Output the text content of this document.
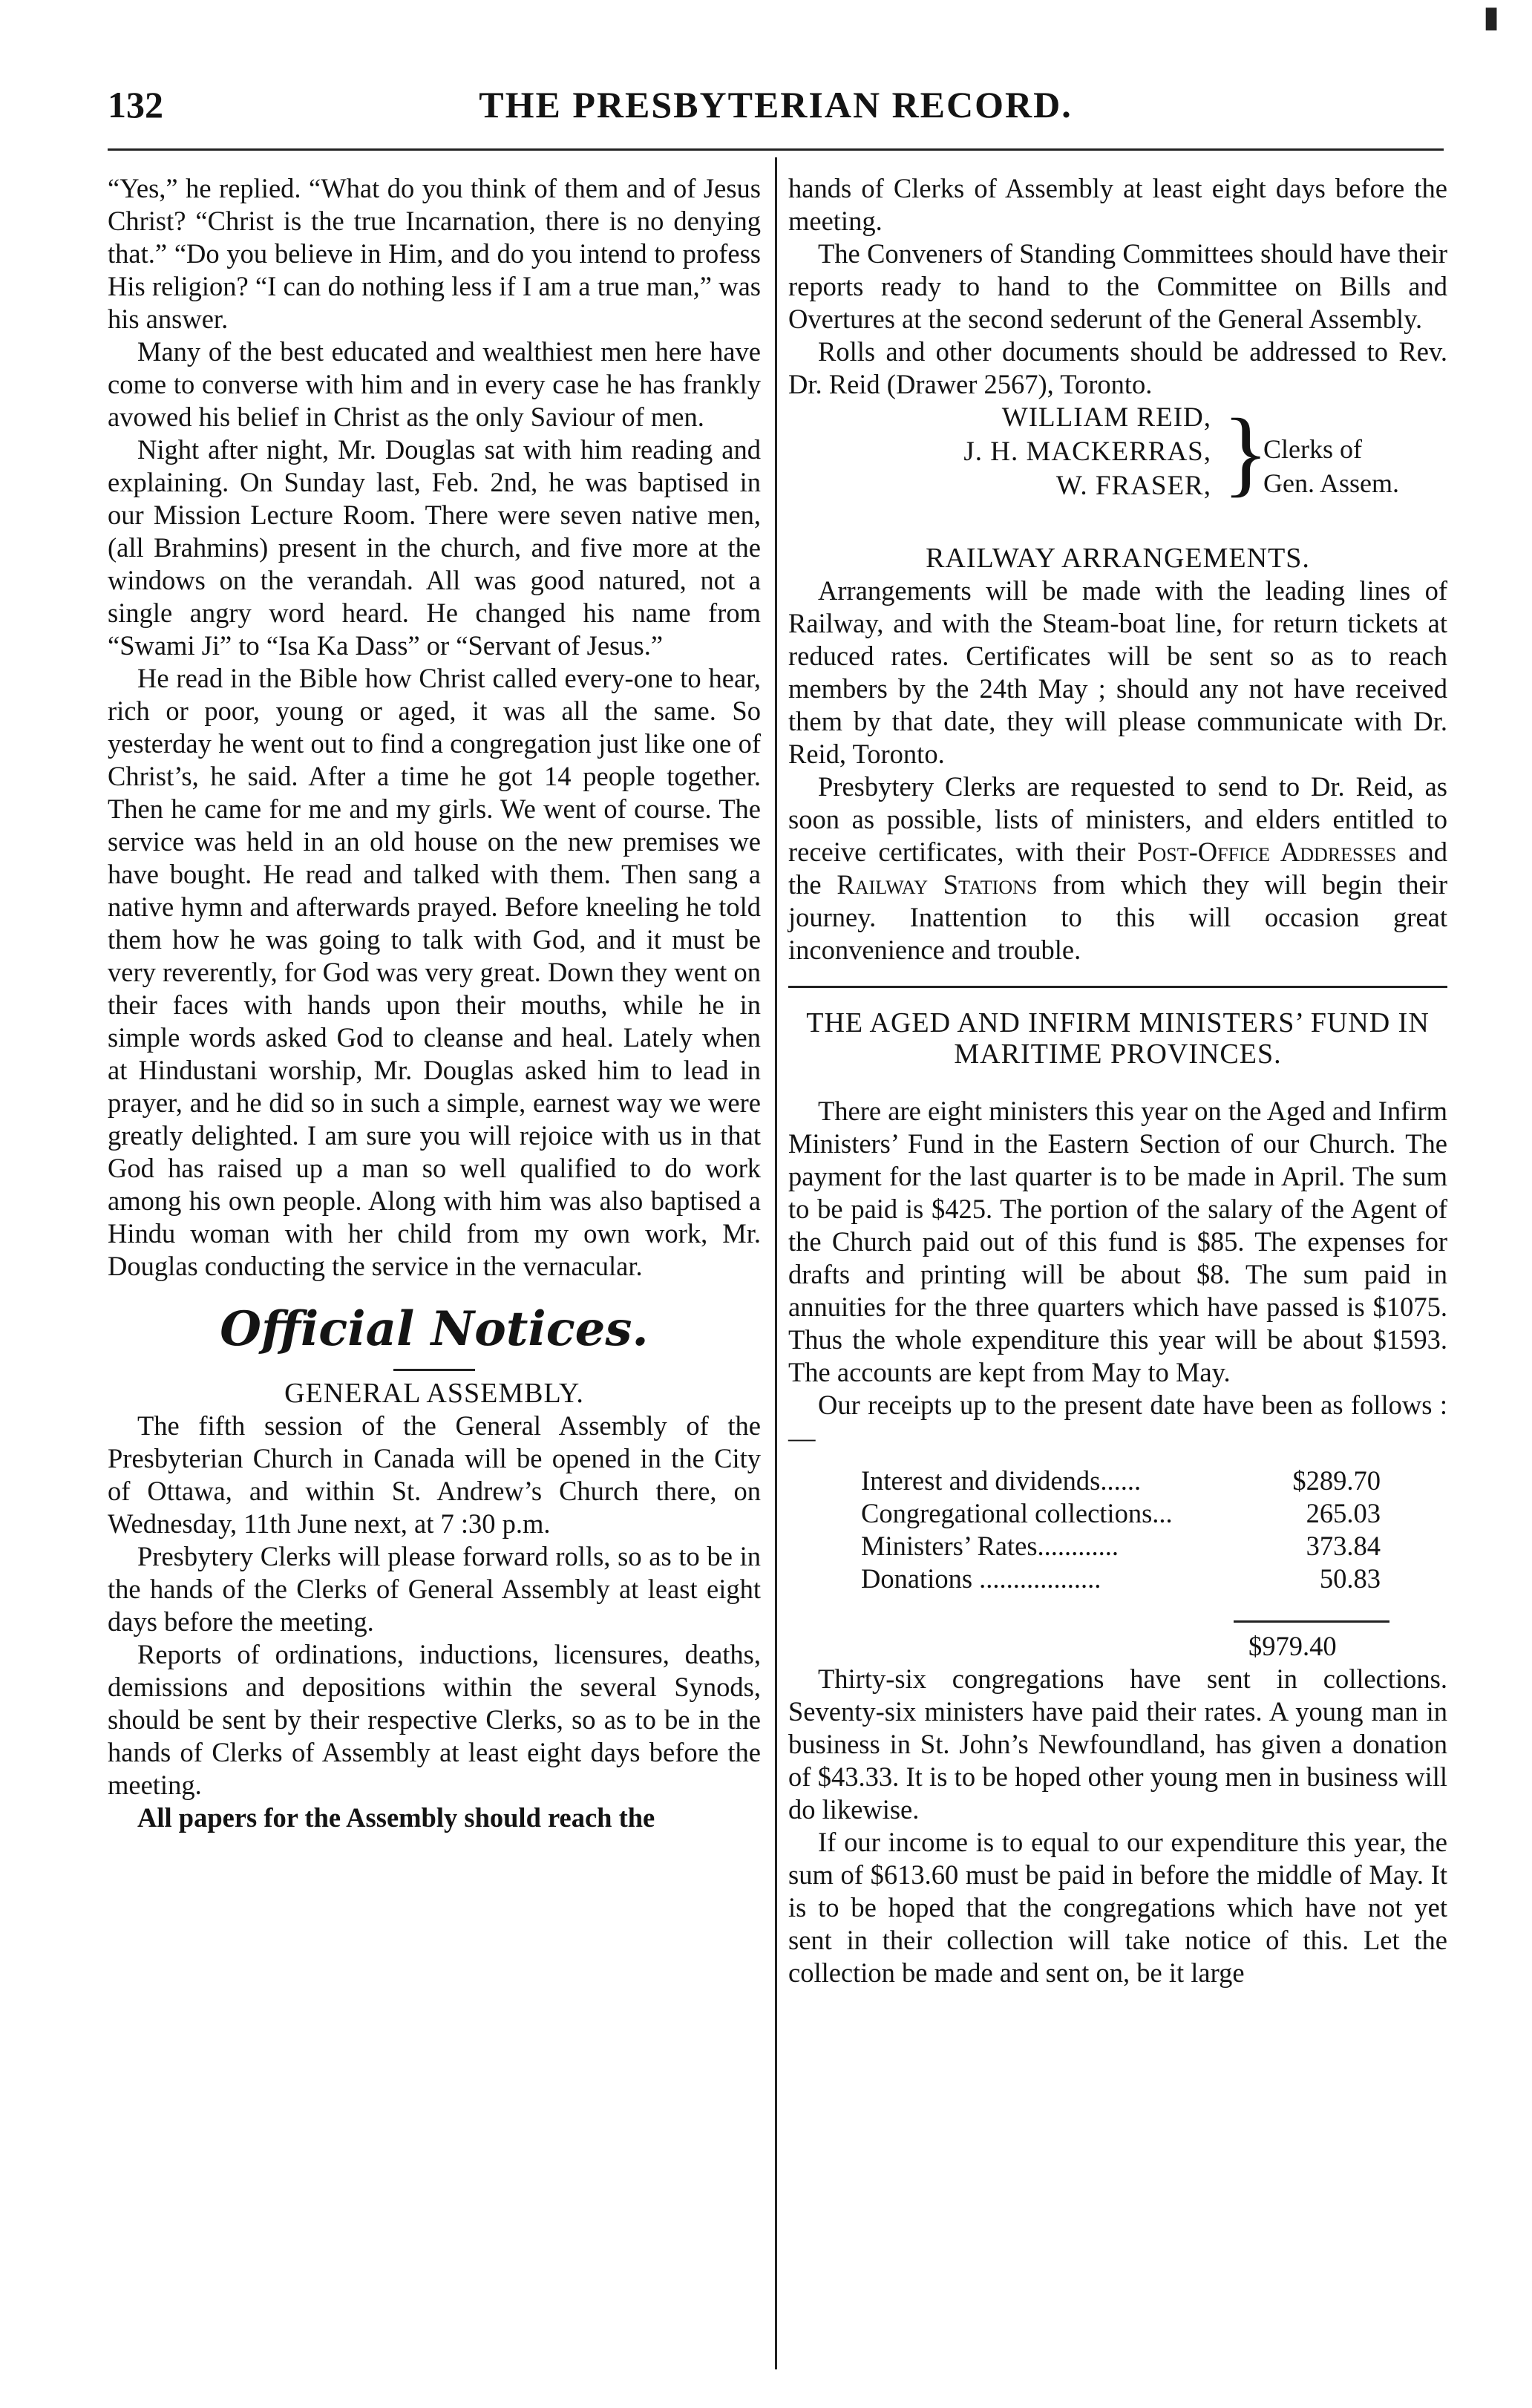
▮
132	THE PRESBYTERIAN RECORD.

“Yes,” he replied. “What do you think of them and of Jesus Christ? “Christ is the true Incarnation, there is no denying that.” “Do you believe in Him, and do you intend to profess His religion? “I can do nothing less if I am a true man,” was his answer.

Many of the best educated and wealthiest men here have come to converse with him and in every case he has frankly avowed his belief in Christ as the only Saviour of men.

Night after night, Mr. Douglas sat with him reading and explaining. On Sunday last, Feb. 2nd, he was baptised in our Mission Lecture Room. There were seven native men, (all Brahmins) present in the church, and five more at the windows on the verandah. All was good natured, not a single angry word heard. He changed his name from “Swami Ji” to “Isa Ka Dass” or “Servant of Jesus.”

He read in the Bible how Christ called every-one to hear, rich or poor, young or aged, it was all the same. So yesterday he went out to find a congregation just like one of Christ’s, he said. After a time he got 14 people together. Then he came for me and my girls. We went of course. The service was held in an old house on the new premises we have bought. He read and talked with them. Then sang a native hymn and afterwards prayed. Before kneeling he told them how he was going to talk with God, and it must be very reverently, for God was very great. Down they went on their faces with hands upon their mouths, while he in simple words asked God to cleanse and heal. Lately when at Hindustani worship, Mr. Douglas asked him to lead in prayer, and he did so in such a simple, earnest way we were greatly delighted. I am sure you will rejoice with us in that God has raised up a man so well qualified to do work among his own people. Along with him was also baptised a Hindu woman with her child from my own work, Mr. Douglas conducting the service in the vernacular.

Official Notices.

GENERAL ASSEMBLY.

The fifth session of the General Assembly of the Presbyterian Church in Canada will be opened in the City of Ottawa, and within St. Andrew’s Church there, on Wednesday, 11th June next, at 7 :30 p.m.

Presbytery Clerks will please forward rolls, so as to be in the hands of the Clerks of General Assembly at least eight days before the meeting.

Reports of ordinations, inductions, licensures, deaths, demissions and depositions within the several Synods, should be sent by their respective Clerks, so as to be in the hands of Clerks of Assembly at least eight days before the meeting.

All papers for the Assembly should reach the

hands of Clerks of Assembly at least eight days before the meeting.

The Conveners of Standing Committees should have their reports ready to hand to the Committee on Bills and Overtures at the second sederunt of the General Assembly.

Rolls and other documents should be addressed to Rev. Dr. Reid (Drawer 2567), Toronto.

WILLIAM REID,
J. H. MACKERRAS,
W. FRASER, }
Clerks of
Gen. Assem.

RAILWAY ARRANGEMENTS.

Arrangements will be made with the leading lines of Railway, and with the Steam-boat line, for return tickets at reduced rates. Certificates will be sent so as to reach members by the 24th May ; should any not have received them by that date, they will please communicate with Dr. Reid, Toronto.

Presbytery Clerks are requested to send to Dr. Reid, as soon as possible, lists of ministers, and elders entitled to receive certificates, with their Post-Office Addresses and the Railway Stations from which they will begin their journey. Inattention to this will occasion great inconvenience and trouble.

THE AGED AND INFIRM MINISTERS’ FUND IN MARITIME PROVINCES.

There are eight ministers this year on the Aged and Infirm Ministers’ Fund in the Eastern Section of our Church. The payment for the last quarter is to be made in April. The sum to be paid is $425. The portion of the salary of the Agent of the Church paid out of this fund is $85. The expenses for drafts and printing will be about $8. The sum paid in annuities for the three quarters which have passed is $1075. Thus the whole expenditure this year will be about $1593. The accounts are kept from May to May.

Our receipts up to the present date have been as follows :—

Interest and dividends......	$289.70
Congregational collections...	265.03
Ministers’ Rates............	373.84
Donations ..................	50.83
$979.40

Thirty-six congregations have sent in collections. Seventy-six ministers have paid their rates. A young man in business in St. John’s Newfoundland, has given a donation of $43.33. It is to be hoped other young men in business will do likewise.

If our income is to equal to our expenditure this year, the sum of $613.60 must be paid in before the middle of May. It is to be hoped that the congregations which have not yet sent in their collection will take notice of this. Let the collection be made and sent on, be it large
